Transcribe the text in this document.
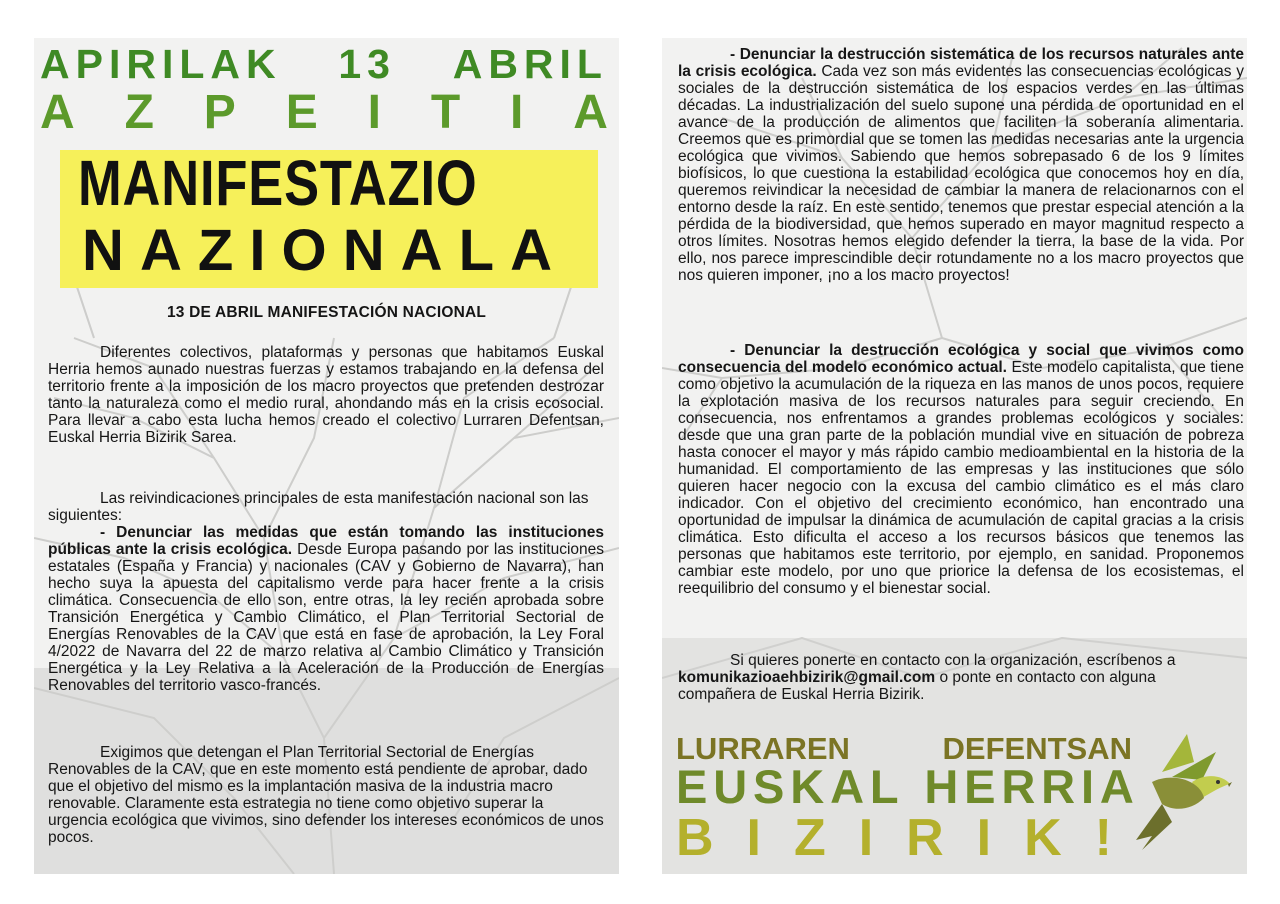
APIRILAK 13 ABRIL
A Z P E I T I A
MANIFESTAZIO
N A Z I O N A L A
13 DE ABRIL MANIFESTACIÓN NACIONAL

Diferentes colectivos, plataformas y personas que habitamos Euskal Herria hemos aunado nuestras fuerzas y estamos trabajando en la defensa del territorio frente a la imposición de los macro proyectos que pretenden destrozar tanto la naturaleza como el medio rural, ahondando más en la crisis ecosocial. Para llevar a cabo esta lucha hemos creado el colectivo Lurraren Defentsan, Euskal Herria Bizirik Sarea.

Las reivindicaciones principales de esta manifestación nacional son las siguientes:

- Denunciar las medidas que están tomando las instituciones públicas ante la crisis ecológica. Desde Europa pasando por las instituciones estatales (España y Francia) y nacionales (CAV y Gobierno de Navarra), han hecho suya la apuesta del capitalismo verde para hacer frente a la crisis climática. Consecuencia de ello son, entre otras, la ley recién aprobada sobre Transición Energética y Cambio Climático, el Plan Territorial Sectorial de Energías Renovables de la CAV que está en fase de aprobación, la Ley Foral 4/2022 de Navarra del 22 de marzo relativa al Cambio Climático y Transición Energética y la Ley Relativa a la Aceleración de la Producción de Energías Renovables del territorio vasco-francés.

Exigimos que detengan el Plan Territorial Sectorial de Energías Renovables de la CAV, que en este momento está pendiente de aprobar, dado que el objetivo del mismo es la implantación masiva de la industria macro renovable. Claramente esta estrategia no tiene como objetivo superar la urgencia ecológica que vivimos, sino defender los intereses económicos de unos pocos.

- Denunciar la destrucción sistemática de los recursos naturales ante la crisis ecológica. Cada vez son más evidentes las consecuencias ecológicas y sociales de la destrucción sistemática de los espacios verdes en las últimas décadas. La industrialización del suelo supone una pérdida de oportunidad en el avance de la producción de alimentos que faciliten la soberanía alimentaria. Creemos que es primordial que se tomen las medidas necesarias ante la urgencia ecológica que vivimos. Sabiendo que hemos sobrepasado 6 de los 9 límites biofísicos, lo que cuestiona la estabilidad ecológica que conocemos hoy en día, queremos reivindicar la necesidad de cambiar la manera de relacionarnos con el entorno desde la raíz. En este sentido, tenemos que prestar especial atención a la pérdida de la biodiversidad, que hemos superado en mayor magnitud respecto a otros límites. Nosotras hemos elegido defender la tierra, la base de la vida. Por ello, nos parece imprescindible decir rotundamente no a los macro proyectos que nos quieren imponer, ¡no a los macro proyectos!

- Denunciar la destrucción ecológica y social que vivimos como consecuencia del modelo económico actual. Este modelo capitalista, que tiene como objetivo la acumulación de la riqueza en las manos de unos pocos, requiere la explotación masiva de los recursos naturales para seguir creciendo. En consecuencia, nos enfrentamos a grandes problemas ecológicos y sociales: desde que una gran parte de la población mundial vive en situación de pobreza hasta conocer el mayor y más rápido cambio medioambiental en la historia de la humanidad. El comportamiento de las empresas y las instituciones que sólo quieren hacer negocio con la excusa del cambio climático es el más claro indicador. Con el objetivo del crecimiento económico, han encontrado una oportunidad de impulsar la dinámica de acumulación de capital gracias a la crisis climática. Esto dificulta el acceso a los recursos básicos que tenemos las personas que habitamos este territorio, por ejemplo, en sanidad. Proponemos cambiar este modelo, por uno que priorice la defensa de los ecosistemas, el reequilibrio del consumo y el bienestar social.

Si quieres ponerte en contacto con la organización, escríbenos a komunikazioaehbizirik@gmail.com o ponte en contacto con alguna compañera de Euskal Herria Bizirik.

LURRAREN	DEFENTSAN
E U S K A L H E R R I A
B I Z I R I K !
